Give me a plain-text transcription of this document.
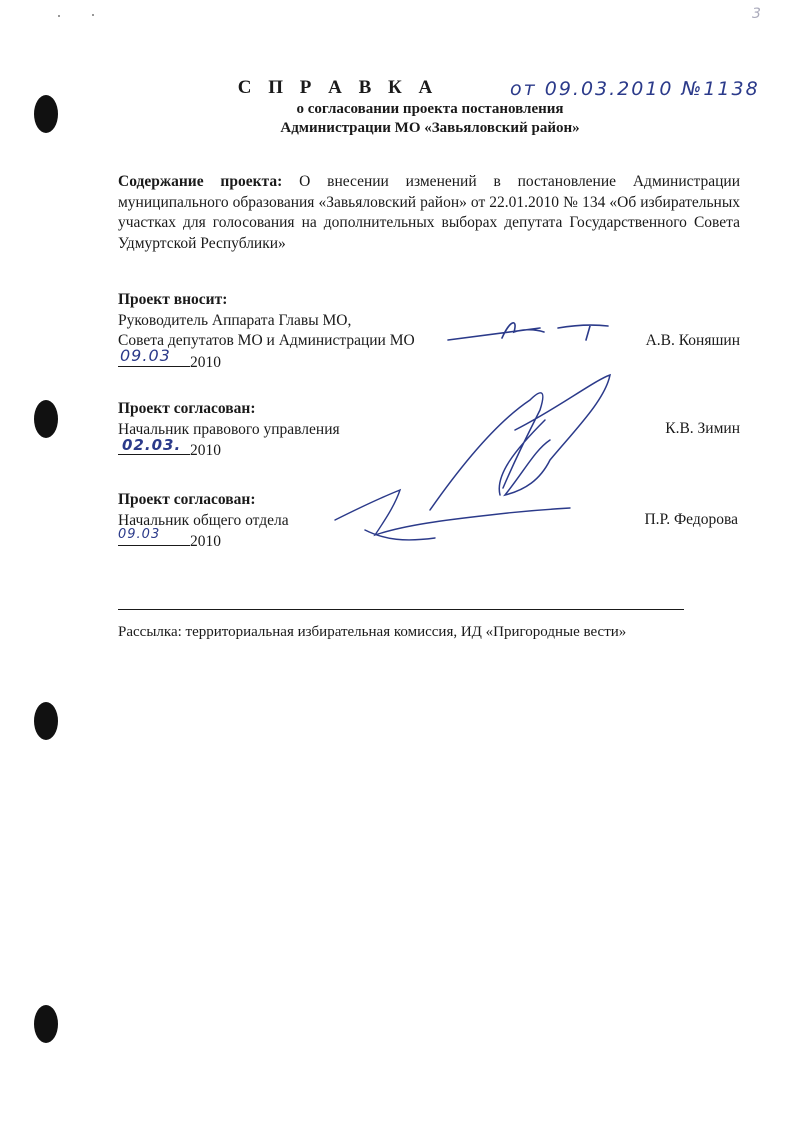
3
С П Р А В К А	от 09.03.2010 №1138
о согласовании проекта постановления
Администрации МО «Завьяловский район»
Содержание проекта: О внесении изменений в постановление Администрации муниципального образования «Завьяловский район» от 22.01.2010 № 134 «Об избирательных участках для голосования на дополнительных выборах депутата Государственного Совета Удмуртской Республики»
Проект вносит:
Руководитель Аппарата Главы МО,
Совета депутатов МО и Администрации МО	А.В. Коняшин
09.03 2010
Проект согласован:
Начальник правового управления	К.В. Зимин
02.03. 2010
Проект согласован:
Начальник общего отдела	П.Р. Федорова
09.03 2010
Рассылка: территориальная избирательная комиссия, ИД «Пригородные вести»
